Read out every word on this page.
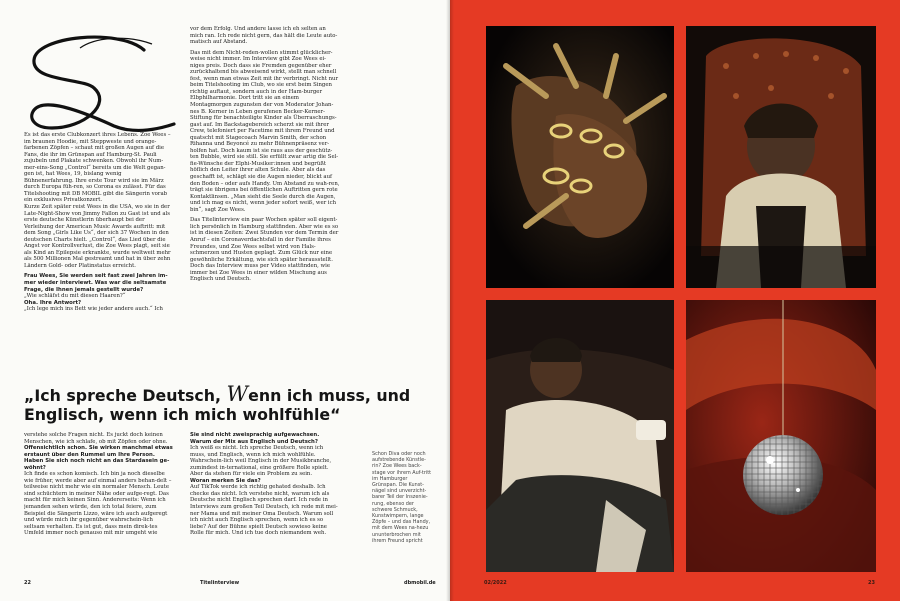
Es ist das erste Clubkonzert ihres Lebens. Zoe Wees – im braunen Hoodie, mit Steppweste und orange-farbenen Zöpfen – schaut mit großen Augen auf die Fans, die ihr im Grünspan auf Hamburg-St. Pauli zujubeln und Plakate schwenken. Obwohl ihr Num-mer-eins-Song „Control“ bereits um die Welt gegan-gen ist, hat Wees, 19, bislang wenig Bühnenerfahrung. Ihre erste Tour wird sie im März durch Europa füh-ren, so Corona es zulässt. Für das Titelshooting mit DB MOBIL gibt die Sängerin vorab ein exklusives Privatkonzert.

Kurze Zeit später reist Wees in die USA, wo sie in der Late-Night-Show von Jimmy Fallon zu Gast ist und als erste deutsche Künstlerin überhaupt bei der Verleihung der American Music Awards auftritt: mit dem Song „Girls Like Us“, der sich 37 Wochen in den deutschen Charts hielt. „Control“, das Lied über die Angst vor Kontrollverlust, die Zoe Wees plagt, seit sie als Kind an Epilepsie erkrankte, wurde weltweit mehr als 500 Millionen Mal gestreamt und hat in über zehn Ländern Gold- oder Platinstatus erreicht.

Frau Wees, Sie werden seit fast zwei Jahren im-mer wieder interviewt. Was war die seltsamste Frage, die Ihnen jemals gestellt wurde?

„Wie schläfst du mit diesen Haaren?“

Oha. Ihre Antwort?

„Ich lege mich ins Bett wie jeder andere auch.“ Ich

vor dem Erfolg. Und andere lasse ich eh selten an mich ran. Ich rede nicht gern, das hält die Leute auto-matisch auf Abstand.

Das mit dem Nicht-reden-wollen stimmt glücklicher-weise nicht immer. Im Interview gibt Zoe Wees ei-niges preis. Doch dass sie Fremden gegenüber eher zurückhaltend bis abweisend wirkt, stellt man schnell fest, wenn man etwas Zeit mit ihr verbringt. Nicht nur beim Titelshooting im Club, wo sie erst beim Singen richtig auftaut, sondern auch in der Ham-burger Elbphilharmonie. Dort tritt sie an einem Montagmorgen zugunsten der von Moderator Johan-nes B. Kerner in Leben gerufenen Becker-Kerner-Stiftung für benachteiligte Kinder als Überraschungs-gast auf. Im Backstagebereich scherzt sie mit ihrer Crew, telefoniert per Facetime mit ihrem Freund und quatscht mit Stagecoach Marvin Smith, der schon Rihanna und Beyoncé zu mehr Bühnenpräsenz ver-holfen hat. Doch kaum ist sie raus aus der geschütz-ten Bubble, wird sie still. Sie erfüllt zwar artig die Sel-fie-Wünsche der Elphi-Musiker:innen und begrüßt höflich den Leiter ihrer alten Schule. Aber als das geschafft ist, schlägt sie die Augen nieder, blickt auf den Boden – oder aufs Handy. Um Abstand zu wah-ren, trägt sie übrigens bei öffentlichen Auftritten gern rote Kontaktlinsen. „Man sieht die Seele durch die Augen, und ich mag es nicht, wenn jeder sofort weiß, wer ich bin“, sagt Zoe Wees.

Das Titelinterview ein paar Wochen später soll eigent-lich persönlich in Hamburg stattfinden. Aber wie es so ist in diesen Zeiten: Zwei Stunden vor dem Termin der Anruf – ein Coronaverdachtsfall in der Familie ihres Freundes, und Zoe Wees selbst wird von Hals-schmerzen und Husten geplagt. Zum Glück nur eine gewöhnliche Erkältung, wie sich später herausstellt. Doch das Interview muss per Video stattfinden, wie immer bei Zoe Wees in einer wilden Mischung aus Englisch und Deutsch.

„Ich spreche Deutsch, Wenn ich muss, und Englisch, wenn ich mich wohlfühle“

verstehe solche Fragen nicht. Es juckt doch keinen Menschen, wie ich schlafe, ob mit Zöpfen oder ohne.

Offensichtlich schon. Sie wirken manchmal etwas erstaunt über den Rummel um Ihre Person. Haben Sie sich noch nicht an das Stardasein ge-wöhnt?

Ich finde es schon komisch. Ich bin ja noch dieselbe wie früher, werde aber auf einmal anders behan-delt – teilweise nicht mehr wie ein normaler Mensch. Leute sind schüchtern in meiner Nähe oder aufge-regt. Das macht für mich keinen Sinn. Andererseits: Wenn ich jemanden sehen würde, den ich total feiere, zum Beispiel die Sängerin Lizzo, wäre ich auch aufgeregt und würde mich ihr gegenüber wahrschein-lich seltsam verhalten. Es ist gut, dass mein direk-tes Umfeld immer noch genauso mit mir umgeht wie

Sie sind nicht zweisprachig aufgewachsen. Warum der Mix aus Englisch und Deutsch?

Ich weiß es nicht. Ich spreche Deutsch, wenn ich muss, und Englisch, wenn ich mich wohlfühle. Wahrschein-lich weil Englisch in der Musikbranche, zumindest in-ternational, eine größere Rolle spielt. Aber da stehen für viele ein Problem zu sein.

Woran merken Sie das?

Auf TikTok werde ich richtig gehated deshalb. Ich checke das nicht. Ich verstehe nicht, warum ich als Deutsche nicht Englisch sprechen darf. Ich rede in Interviews zum großen Teil Deutsch, ich rede mit mei-ner Mama und mit meiner Oma Deutsch. Warum soll ich nicht auch Englisch sprechen, wenn ich es so liebe? Auf der Bühne spielt Deutsch sowieso keine Rolle für mich. Und ich tue doch niemandem weh.

Schon Diva oder noch aufstrebende Künstle-rin? Zoe Wees back-stage vor ihrem Auf-tritt im Hamburger Grünspan. Die Kunst-nägel sind unverzicht-barer Teil der Inszenie-rung, ebenso der schwere Schmuck, Kunstwimpern, lange Zöpfe – und das Handy, mit dem Wees na-hezu ununterbrochen mit ihrem Freund spricht
22	Titelinterview	dbmobil.de	02/2022	23
